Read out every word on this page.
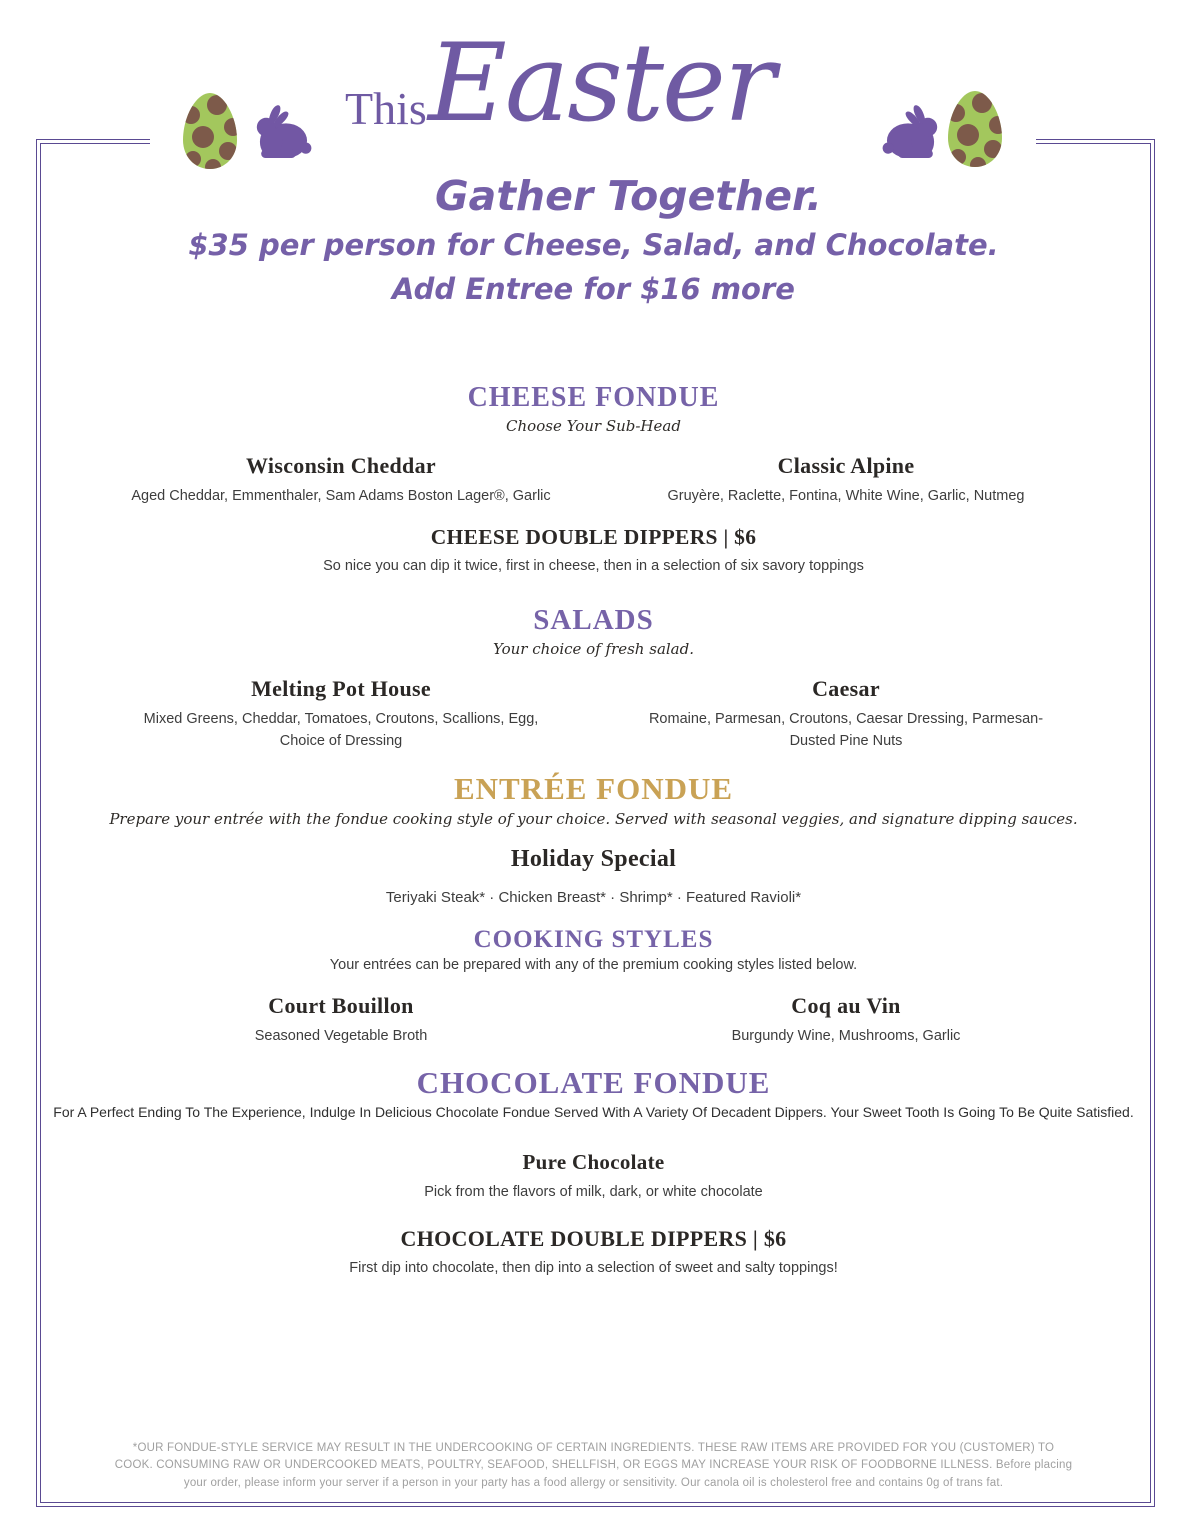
This Easter
Gather Together.
$35 per person for Cheese, Salad, and Chocolate.
Add Entree for $16 more
CHEESE FONDUE

Choose Your Sub-Head

Wisconsin Cheddar

Aged Cheddar, Emmenthaler, Sam Adams Boston Lager®, Garlic

Classic Alpine

Gruyère, Raclette, Fontina, White Wine, Garlic, Nutmeg

CHEESE DOUBLE DIPPERS | $6

So nice you can dip it twice, first in cheese, then in a selection of six savory toppings

SALADS

Your choice of fresh salad.

Melting Pot House

Mixed Greens, Cheddar, Tomatoes, Croutons, Scallions, Egg, Choice of Dressing

Caesar

Romaine, Parmesan, Croutons, Caesar Dressing, Parmesan-Dusted Pine Nuts

ENTRÉE FONDUE

Prepare your entrée with the fondue cooking style of your choice. Served with seasonal veggies, and signature dipping sauces.

Holiday Special

Teriyaki Steak* · Chicken Breast* · Shrimp* · Featured Ravioli*

COOKING STYLES

Your entrées can be prepared with any of the premium cooking styles listed below.

Court Bouillon

Seasoned Vegetable Broth

Coq au Vin

Burgundy Wine, Mushrooms, Garlic

CHOCOLATE FONDUE

For A Perfect Ending To The Experience, Indulge In Delicious Chocolate Fondue Served With A Variety Of Decadent Dippers. Your Sweet Tooth Is Going To Be Quite Satisfied.

Pure Chocolate

Pick from the flavors of milk, dark, or white chocolate

CHOCOLATE DOUBLE DIPPERS | $6

First dip into chocolate, then dip into a selection of sweet and salty toppings!

*OUR FONDUE-STYLE SERVICE MAY RESULT IN THE UNDERCOOKING OF CERTAIN INGREDIENTS. THESE RAW ITEMS ARE PROVIDED FOR YOU (CUSTOMER) TO COOK. CONSUMING RAW OR UNDERCOOKED MEATS, POULTRY, SEAFOOD, SHELLFISH, OR EGGS MAY INCREASE YOUR RISK OF FOODBORNE ILLNESS. Before placing your order, please inform your server if a person in your party has a food allergy or sensitivity. Our canola oil is cholesterol free and contains 0g of trans fat.
